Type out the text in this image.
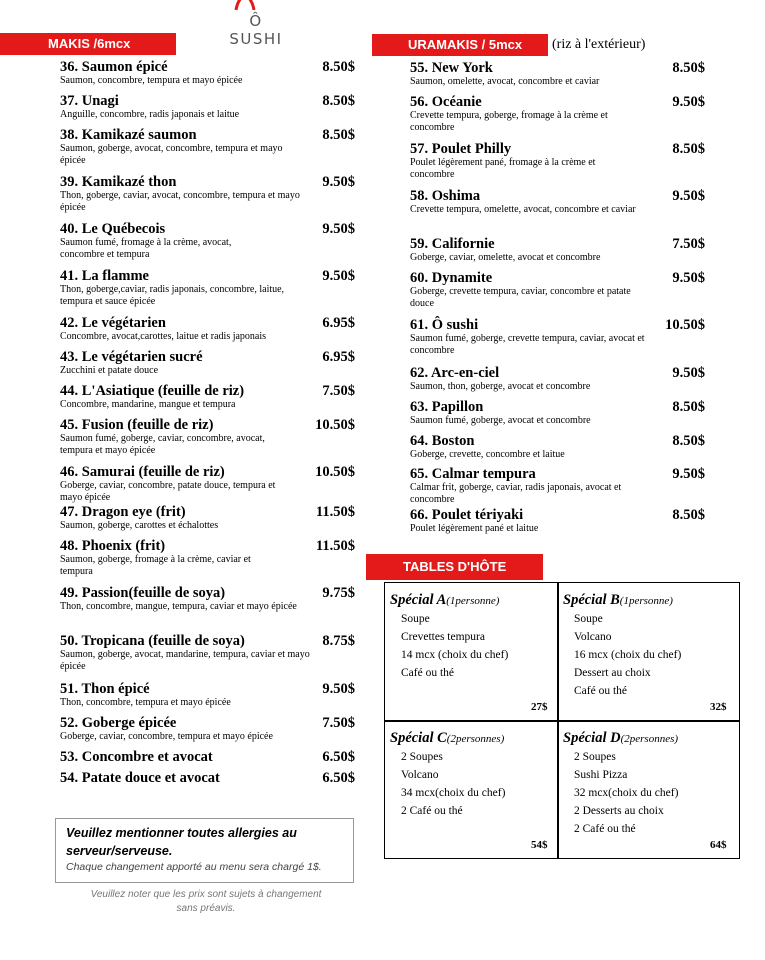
Ô SUSHI
MAKIS /6mcx	URAMAKIS / 5mcx	(riz à l'extérieur)
36. Saumon épicé	8.50$
Saumon, concombre, tempura et mayo épicée
37. Unagi	8.50$
Anguille, concombre, radis japonais et laitue
38. Kamikazé saumon	8.50$
Saumon, goberge, avocat, concombre, tempura et mayo épicée
39. Kamikazé thon	9.50$
Thon, goberge, caviar, avocat, concombre, tempura et mayo épicée
40. Le Québecois	9.50$
Saumon fumé, fromage à la crème, avocat, concombre et tempura
41. La flamme	9.50$
Thon, goberge,caviar, radis japonais, concombre, laitue, tempura et sauce épicée
42. Le végétarien	6.95$
Concombre, avocat,carottes, laitue et radis japonais
43. Le végétarien sucré	6.95$
Zucchini et patate douce
44. L'Asiatique (feuille de riz)	7.50$
Concombre, mandarine, mangue et tempura
45. Fusion (feuille de riz)	10.50$
Saumon fumé, goberge, caviar, concombre, avocat, tempura et mayo épicée
46. Samurai (feuille de riz)	10.50$
Goberge, caviar, concombre, patate douce, tempura et mayo épicée
47. Dragon eye (frit)	11.50$
Saumon, goberge, carottes et échalottes
48. Phoenix (frit)	11.50$
Saumon, goberge, fromage à la crème, caviar et tempura
49. Passion(feuille de soya)	9.75$
Thon, concombre, mangue, tempura, caviar et mayo épicée
50. Tropicana (feuille de soya)	8.75$
Saumon, goberge, avocat, mandarine, tempura, caviar et mayo épicée
51. Thon épicé	9.50$
Thon, concombre, tempura et mayo épicée
52. Goberge épicée	7.50$
Goberge, caviar, concombre, tempura et mayo épicée
53. Concombre et avocat	6.50$
54. Patate douce et avocat	6.50$
55. New York	8.50$
Saumon, omelette, avocat, concombre et caviar
56. Océanie	9.50$
Crevette tempura, goberge, fromage à la crème et concombre
57. Poulet Philly	8.50$
Poulet légèrement pané, fromage à la crème et concombre
58. Oshima	9.50$
Crevette tempura, omelette, avocat, concombre et caviar
59. Californie	7.50$
Goberge, caviar, omelette, avocat et concombre
60. Dynamite	9.50$
Goberge, crevette tempura, caviar, concombre et patate douce
61. Ô sushi	10.50$
Saumon fumé, goberge, crevette tempura, caviar, avocat et concombre
62. Arc-en-ciel	9.50$
Saumon, thon, goberge, avocat et concombre
63. Papillon	8.50$
Saumon fumé, goberge, avocat et concombre
64. Boston	8.50$
Goberge, crevette, concombre et laitue
65. Calmar tempura	9.50$
Calmar frit, goberge, caviar, radis japonais, avocat et concombre
66. Poulet tériyaki	8.50$
Poulet légèrement pané et laitue
TABLES D'HÔTE
Spécial A(1personne)
Soupe
Crevettes tempura
14 mcx (choix du chef)
Café ou thé
27$
Spécial B(1personne)
Soupe
Volcano
16 mcx (choix du chef)
Dessert au choix
Café ou thé
32$
Spécial C(2personnes)
2 Soupes
Volcano
34 mcx(choix du chef)
2 Café ou thé
54$
Spécial D(2personnes)
2 Soupes
Sushi Pizza
32 mcx(choix du chef)
2 Desserts au choix
2 Café ou thé
64$
Veuillez mentionner toutes allergies au serveur/serveuse.
Chaque changement apporté au menu sera chargé 1$.
Veuillez noter que les prix sont sujets à changement sans préavis.
